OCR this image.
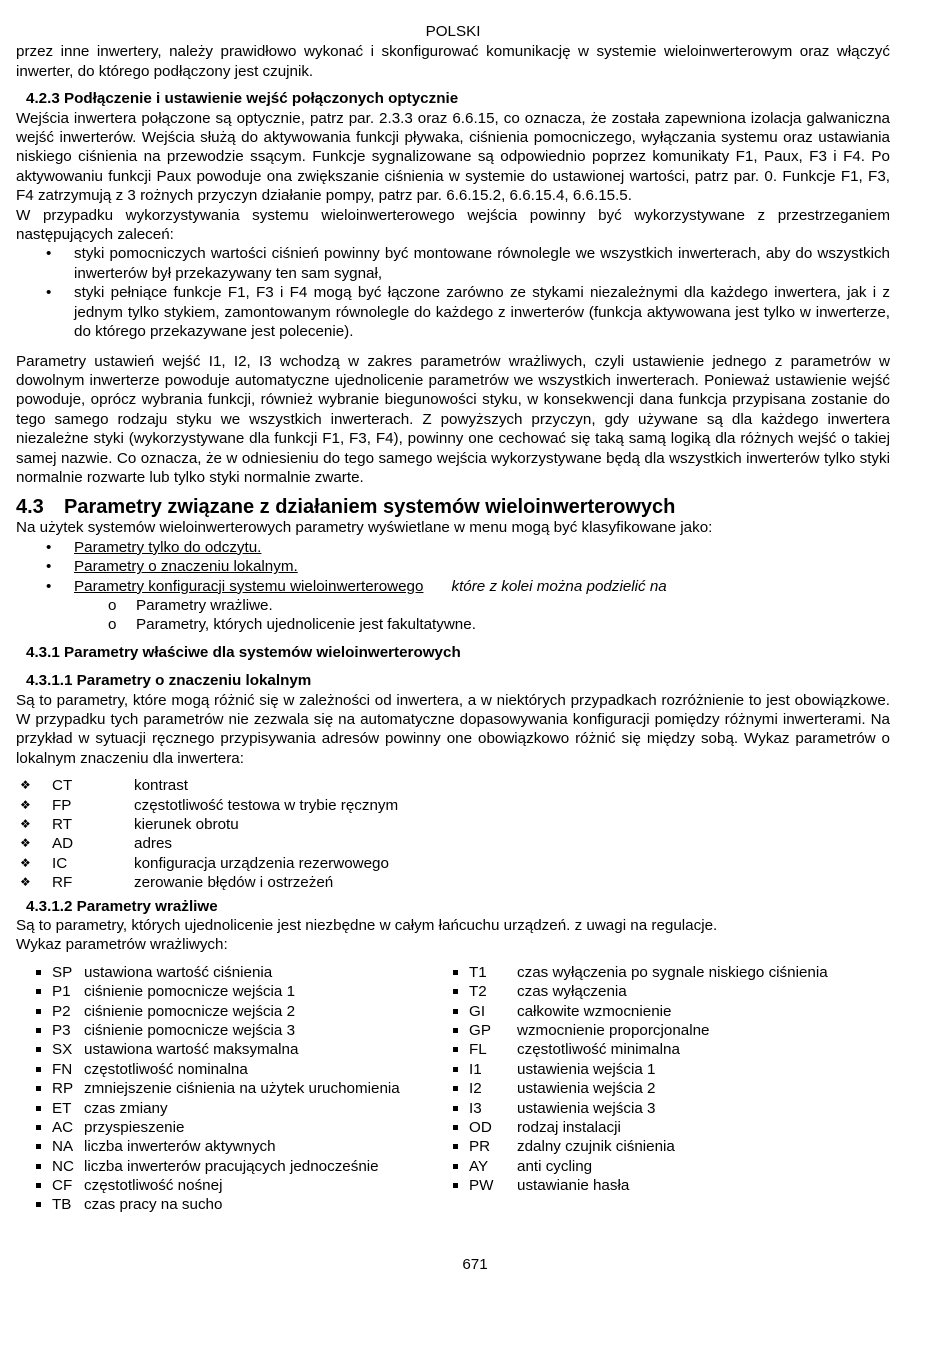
POLSKI

przez inne inwertery, należy prawidłowo wykonać i skonfigurować komunikację w systemie wieloinwerterowym oraz włączyć inwerter, do którego podłączony jest czujnik.

4.2.3 Podłączenie i ustawienie wejść połączonych optycznie

Wejścia inwertera połączone są optycznie, patrz par. 2.3.3 oraz 6.6.15, co oznacza, że została zapewniona izolacja galwaniczna wejść inwerterów. Wejścia służą do aktywowania funkcji pływaka, ciśnienia pomocniczego, wyłączania systemu oraz ustawiania niskiego ciśnienia na przewodzie ssącym. Funkcje sygnalizowane są odpowiednio poprzez komunikaty F1, Paux, F3 i F4. Po aktywowaniu funkcji Paux powoduje ona zwiększanie ciśnienia w systemie do ustawionej wartości, patrz par. 0. Funkcje F1, F3, F4 zatrzymują z 3 rożnych przyczyn działanie pompy, patrz par. 6.6.15.2, 6.6.15.4, 6.6.15.5.

W przypadku wykorzystywania systemu wieloinwerterowego wejścia powinny być wykorzystywane z przestrzeganiem następujących zaleceń:

• styki pomocniczych wartości ciśnień powinny być montowane równolegle we wszystkich inwerterach, aby do wszystkich inwerterów był przekazywany ten sam sygnał,
• styki pełniące funkcje F1, F3 i F4 mogą być łączone zarówno ze stykami niezależnymi dla każdego inwertera, jak i z jednym tylko stykiem, zamontowanym równolegle do każdego z inwerterów (funkcja aktywowana jest tylko w inwerterze, do którego przekazywane jest polecenie).

Parametry ustawień wejść I1, I2, I3 wchodzą w zakres parametrów wrażliwych, czyli ustawienie jednego z parametrów w dowolnym inwerterze powoduje automatyczne ujednolicenie parametrów we wszystkich inwerterach. Ponieważ ustawienie wejść powoduje, oprócz wybrania funkcji, również wybranie biegunowości styku, w konsekwencji dana funkcja przypisana zostanie do tego samego rodzaju styku we wszystkich inwerterach. Z powyższych przyczyn, gdy używane są dla każdego inwertera niezależne styki (wykorzystywane dla funkcji F1, F3, F4), powinny one cechować się taką samą logiką dla różnych wejść o takiej samej nazwie. Co oznacza, że w odniesieniu do tego samego wejścia wykorzystywane będą dla wszystkich inwerterów tylko styki normalnie rozwarte lub tylko styki normalnie zwarte.

4.3 Parametry związane z działaniem systemów wieloinwerterowych

Na użytek systemów wieloinwerterowych parametry wyświetlane w menu mogą być klasyfikowane jako:

• Parametry tylko do odczytu.
• Parametry o znaczeniu lokalnym.
• Parametry konfiguracji systemu wieloinwerterowego które z kolei można podzielić na
o Parametry wrażliwe.
o Parametry, których ujednolicenie jest fakultatywne.
4.3.1 Parametry właściwe dla systemów wieloinwerterowych
4.3.1.1 Parametry o znaczeniu lokalnym

Są to parametry, które mogą różnić się w zależności od inwertera, a w niektórych przypadkach rozróżnienie to jest obowiązkowe. W przypadku tych parametrów nie zezwala się na automatyczne dopasowywania konfiguracji pomiędzy różnymi inwerterami. Na przykład w sytuacji ręcznego przypisywania adresów powinny one obowiązkowo różnić się między sobą. Wykaz parametrów o lokalnym znaczeniu dla inwertera:

❖ CT	kontrast
❖ FP	częstotliwość testowa w trybie ręcznym
❖ RT	kierunek obrotu
❖ AD	adres
❖ IC	konfiguracja urządzenia rezerwowego
❖ RF	zerowanie błędów i ostrzeżeń
4.3.1.2 Parametry wrażliwe

Są to parametry, których ujednolicenie jest niezbędne w całym łańcuchu urządzeń. z uwagi na regulacje.

Wykaz parametrów wrażliwych:

SP ustawiona wartość ciśnienia
P1 ciśnienie pomocnicze wejścia 1
P2 ciśnienie pomocnicze wejścia 2
P3 ciśnienie pomocnicze wejścia 3
SX ustawiona wartość maksymalna
FN częstotliwość nominalna
RP zmniejszenie ciśnienia na użytek uruchomienia
ET czas zmiany
AC przyspieszenie
NA liczba inwerterów aktywnych
NC liczba inwerterów pracujących jednocześnie
CF częstotliwość nośnej
TB czas pracy na sucho
T1 czas wyłączenia po sygnale niskiego ciśnienia
T2 czas wyłączenia
GI całkowite wzmocnienie
GP wzmocnienie proporcjonalne
FL częstotliwość minimalna
I1 ustawienia wejścia 1
I2 ustawienia wejścia 2
I3 ustawienia wejścia 3
OD rodzaj instalacji
PR zdalny czujnik ciśnienia
AY anti cycling
PW ustawianie hasła
671
